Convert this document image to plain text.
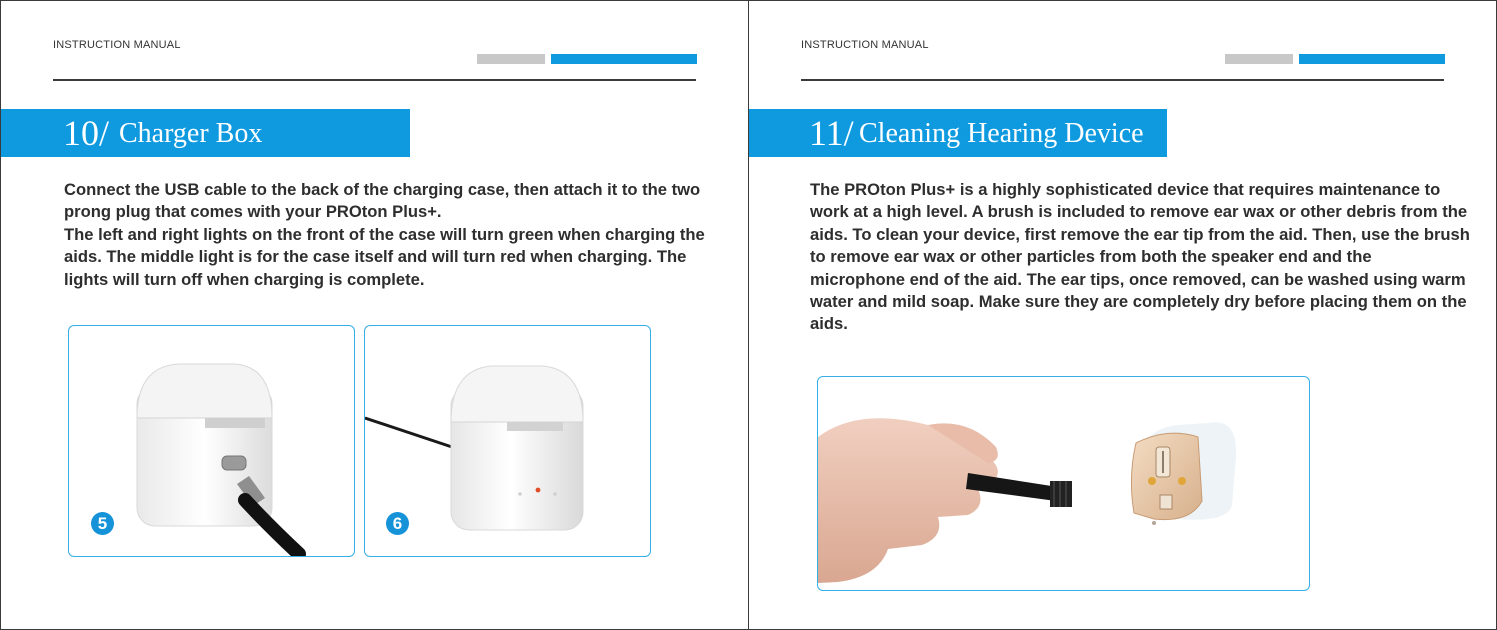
INSTRUCTION MANUAL
10/ Charger Box

Connect the USB cable to the back of the charging case, then attach it to the two prong plug that comes with your PROton Plus+.

The left and right lights on the front of the case will turn green when charging the aids. The middle light is for the case itself and will turn red when charging. The lights will turn off when charging is complete.

5	6
INSTRUCTION MANUAL
11/ Cleaning Hearing Device

The PROton Plus+ is a highly sophisticated device that requires maintenance to work at a high level. A brush is included to remove ear wax or other debris from the aids. To clean your device, first remove the ear tip from the aid. Then, use the brush to remove ear wax or other particles from both the speaker end and the microphone end of the aid. The ear tips, once removed, can be washed using warm water and mild soap. Make sure they are completely dry before placing them on the aids.
